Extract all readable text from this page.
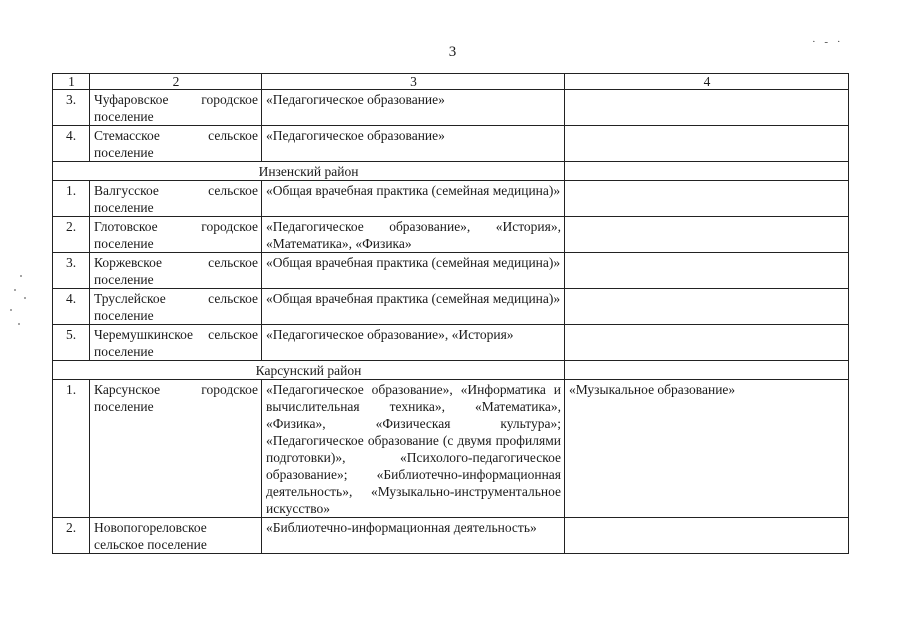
3
· - ·
1	2	3	4
3.	Чуфаровское городское поселение	«Педагогическое образование»	
4.	Стемасское сельское поселение	«Педагогическое образование»	
Инзенский район			
1.	Валгусское сельское поселение	«Общая врачебная практика (семейная медицина)»	
2.	Глотовское городское поселение	«Педагогическое образование», «История», «Математика», «Физика»	
3.	Коржевское сельское поселение	«Общая врачебная практика (семейная медицина)»	
4.	Труслейское сельское поселение	«Общая врачебная практика (семейная медицина)»	
5.	Черемушкинское сельское поселение	«Педагогическое образование», «История»	
Карсунский район			
1.	Карсунское городское поселение	«Педагогическое образование», «Информатика и вычислительная техника», «Математика», «Физика», «Физическая культура»; «Педагогическое образование (с двумя профилями подготовки)», «Психолого-педагогическое образование»; «Библиотечно-информационная деятельность», «Музыкально-инструментальное искусство»	«Музыкальное образование»
2.	Новопогореловское сельское поселение	«Библиотечно-информационная деятельность»	
